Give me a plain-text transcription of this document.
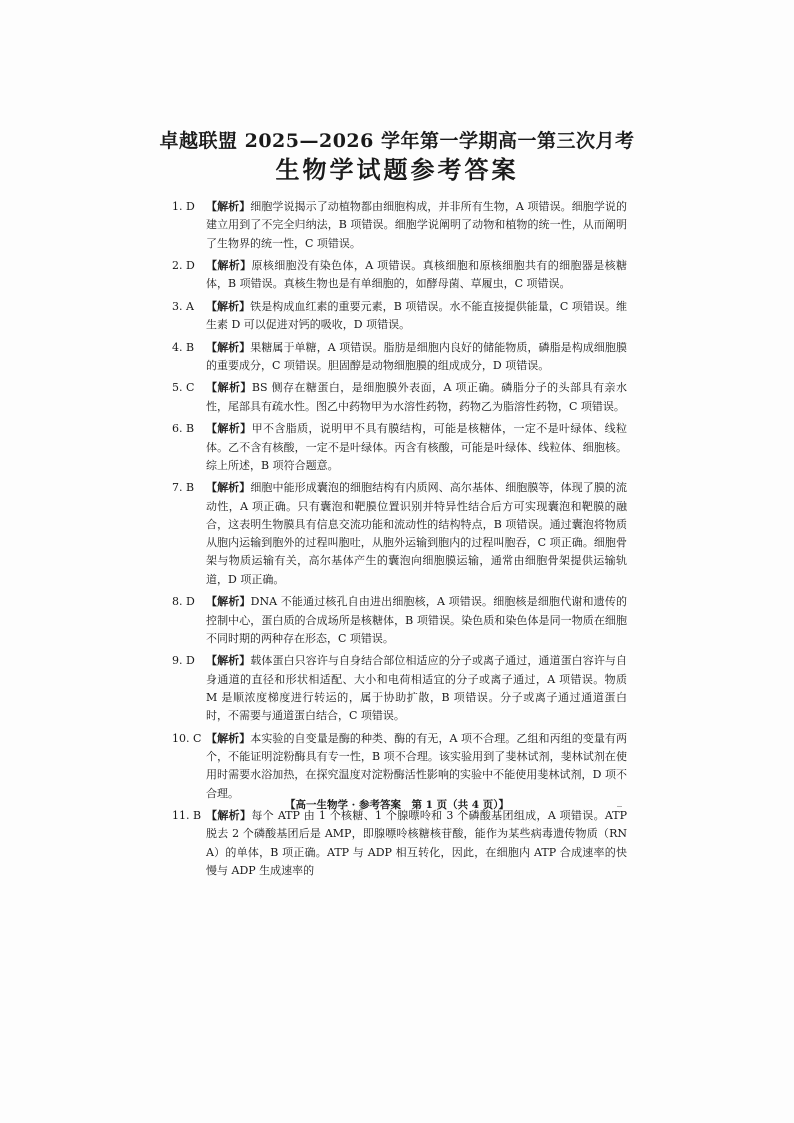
卓越联盟 2025—2026 学年第一学期高一第三次月考
生物学试题参考答案
1. D	【解析】细胞学说揭示了动植物都由细胞构成，并非所有生物，A 项错误。细胞学说的建立用到了不完全归纳法，B 项错误。细胞学说阐明了动物和植物的统一性，从而阐明了生物界的统一性，C 项错误。
2. D	【解析】原核细胞没有染色体，A 项错误。真核细胞和原核细胞共有的细胞器是核糖体，B 项错误。真核生物也是有单细胞的，如酵母菌、草履虫，C 项错误。
3. A	【解析】铁是构成血红素的重要元素，B 项错误。水不能直接提供能量，C 项错误。维生素 D 可以促进对钙的吸收，D 项错误。
4. B	【解析】果糖属于单糖，A 项错误。脂肪是细胞内良好的储能物质，磷脂是构成细胞膜的重要成分，C 项错误。胆固醇是动物细胞膜的组成成分，D 项错误。
5. C	【解析】BS 侧存在糖蛋白，是细胞膜外表面，A 项正确。磷脂分子的头部具有亲水性，尾部具有疏水性。图乙中药物甲为水溶性药物，药物乙为脂溶性药物，C 项错误。
6. B	【解析】甲不含脂质，说明甲不具有膜结构，可能是核糖体，一定不是叶绿体、线粒体。乙不含有核酸，一定不是叶绿体。丙含有核酸，可能是叶绿体、线粒体、细胞核。综上所述，B 项符合题意。
7. B	【解析】细胞中能形成囊泡的细胞结构有内质网、高尔基体、细胞膜等，体现了膜的流动性，A 项正确。只有囊泡和靶膜位置识别并特异性结合后方可实现囊泡和靶膜的融合，这表明生物膜具有信息交流功能和流动性的结构特点，B 项错误。通过囊泡将物质从胞内运输到胞外的过程叫胞吐，从胞外运输到胞内的过程叫胞吞，C 项正确。细胞骨架与物质运输有关，高尔基体产生的囊泡向细胞膜运输，通常由细胞骨架提供运输轨道，D 项正确。
8. D	【解析】DNA 不能通过核孔自由进出细胞核，A 项错误。细胞核是细胞代谢和遗传的控制中心，蛋白质的合成场所是核糖体，B 项错误。染色质和染色体是同一物质在细胞不同时期的两种存在形态，C 项错误。
9. D	【解析】载体蛋白只容许与自身结合部位相适应的分子或离子通过，通道蛋白容许与自身通道的直径和形状相适配、大小和电荷相适宜的分子或离子通过，A 项错误。物质 M 是顺浓度梯度进行转运的，属于协助扩散，B 项错误。分子或离子通过通道蛋白时，不需要与通道蛋白结合，C 项错误。
10. C 【解析】本实验的自变量是酶的种类、酶的有无，A 项不合理。乙组和丙组的变量有两个，不能证明淀粉酶具有专一性，B 项不合理。该实验用到了斐林试剂，斐林试剂在使用时需要水浴加热，在探究温度对淀粉酶活性影响的实验中不能使用斐林试剂，D 项不合理。
11. B 【解析】每个 ATP 由 1 个核糖、1 个腺嘌呤和 3 个磷酸基团组成，A 项错误。ATP 脱去 2 个磷酸基团后是 AMP，即腺嘌呤核糖核苷酸，能作为某些病毒遗传物质（RNA）的单体，B 项正确。ATP 与 ADP 相互转化，因此，在细胞内 ATP 合成速率的快慢与 ADP 生成速率的
【高一生物学 · 参考答案　第 1 页（共 4 页）】	_
